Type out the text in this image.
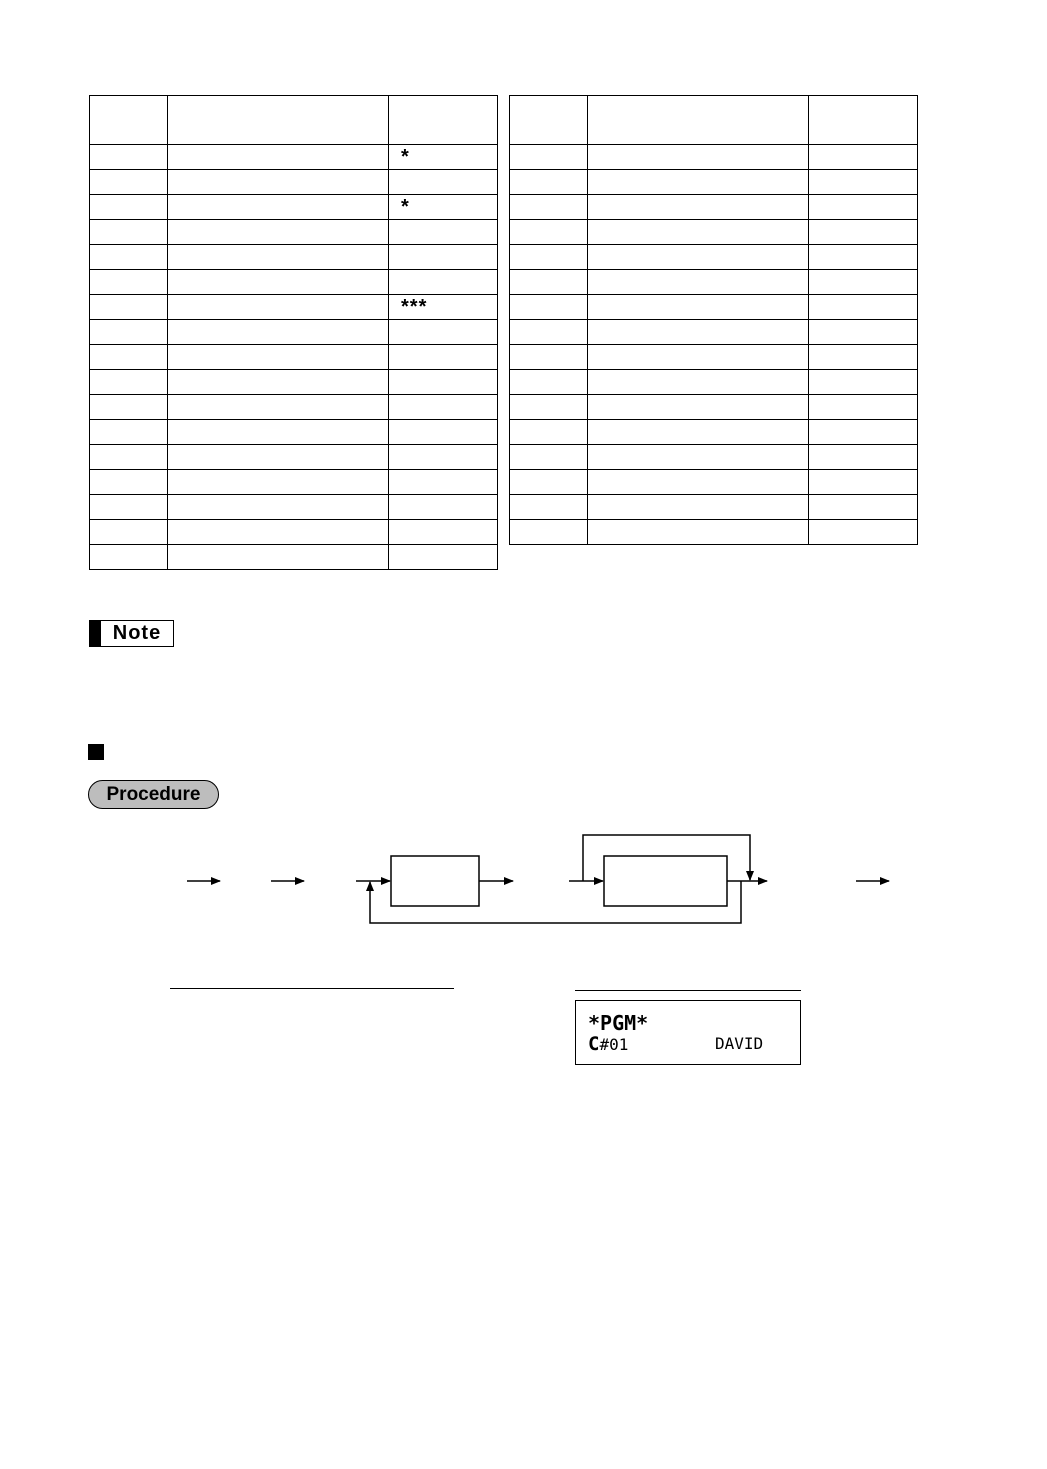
		*

		*

		***

Note
Procedure
*PGM*
C#01	DAVID
